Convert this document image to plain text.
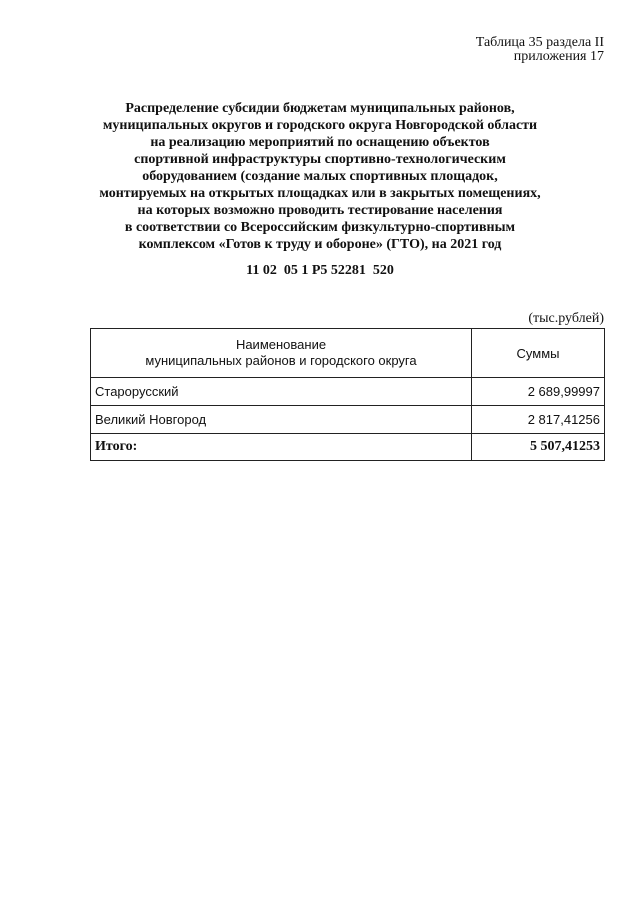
Таблица 35 раздела II
приложения 17
Распределение субсидии бюджетам муниципальных районов,
муниципальных округов и городского округа Новгородской области
на реализацию мероприятий по оснащению объектов
спортивной инфраструктуры спортивно-технологическим
оборудованием (создание малых спортивных площадок,
монтируемых на открытых площадках или в закрытых помещениях,
на которых возможно проводить тестирование населения
в соответствии со Всероссийским физкультурно-спортивным
комплексом «Готов к труду и обороне» (ГТО), на 2021 год
11 02  05 1 P5 52281  520
(тыс.рублей)
Наименование
муниципальных районов и городского округа	Суммы
Старорусский	2 689,99997
Великий Новгород	2 817,41256
Итого:	5 507,41253
